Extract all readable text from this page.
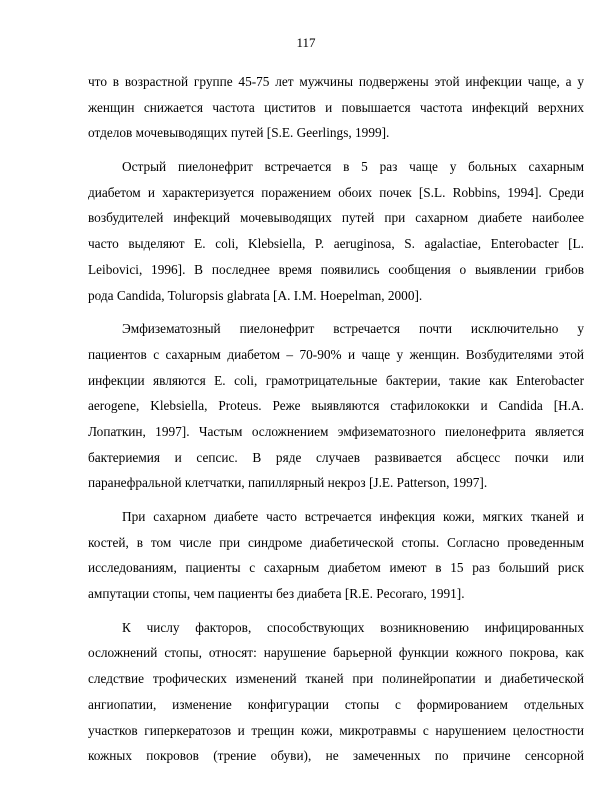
117
что в возрастной группе 45-75 лет мужчины подвержены этой инфекции чаще, а у
женщин снижается частота циститов и повышается частота инфекций верхних
отделов мочевыводящих путей [S.E. Geerlings, 1999].
Острый пиелонефрит встречается в 5 раз чаще у больных сахарным
диабетом и характеризуется поражением обоих почек [S.L. Robbins, 1994]. Среди
возбудителей инфекций мочевыводящих путей при сахарном диабете наиболее
часто выделяют E. coli, Klebsiella, P. aeruginosa, S. agalactiae, Enterobacter [L.
Leibovici, 1996]. В последнее время появились сообщения о выявлении грибов
рода Candida, Toluropsis glabrata [A. I.M. Hoepelman, 2000].
Эмфизематозный пиелонефрит встречается почти исключительно у
пациентов с сахарным диабетом – 70-90% и чаще у женщин. Возбудителями этой
инфекции являются E. coli, грамотрицательные бактерии, такие как Enterobacter
aerogene, Klebsiella, Proteus. Реже выявляются стафилококки и Candida [H.A.
Лопаткин, 1997]. Частым осложнением эмфизематозного пиелонефрита является
бактериемия и сепсис. В ряде случаев развивается абсцесс почки или
паранефральной клетчатки, папиллярный некроз [J.E. Patterson, 1997].
При сахарном диабете часто встречается инфекция кожи, мягких тканей и
костей, в том числе при синдроме диабетической стопы. Согласно проведенным
исследованиям, пациенты с сахарным диабетом имеют в 15 раз больший риск
ампутации стопы, чем пациенты без диабета [R.E. Pecoraro, 1991].
К числу факторов, способствующих возникновению инфицированных
осложнений стопы, относят: нарушение барьерной функции кожного покрова, как
следствие трофических изменений тканей при полинейропатии и диабетической
ангиопатии, изменение конфигурации стопы с формированием отдельных
участков гиперкератозов и трещин кожи, микротравмы с нарушением целостности
кожных покровов (трение обуви), не замеченных по причине сенсорной
